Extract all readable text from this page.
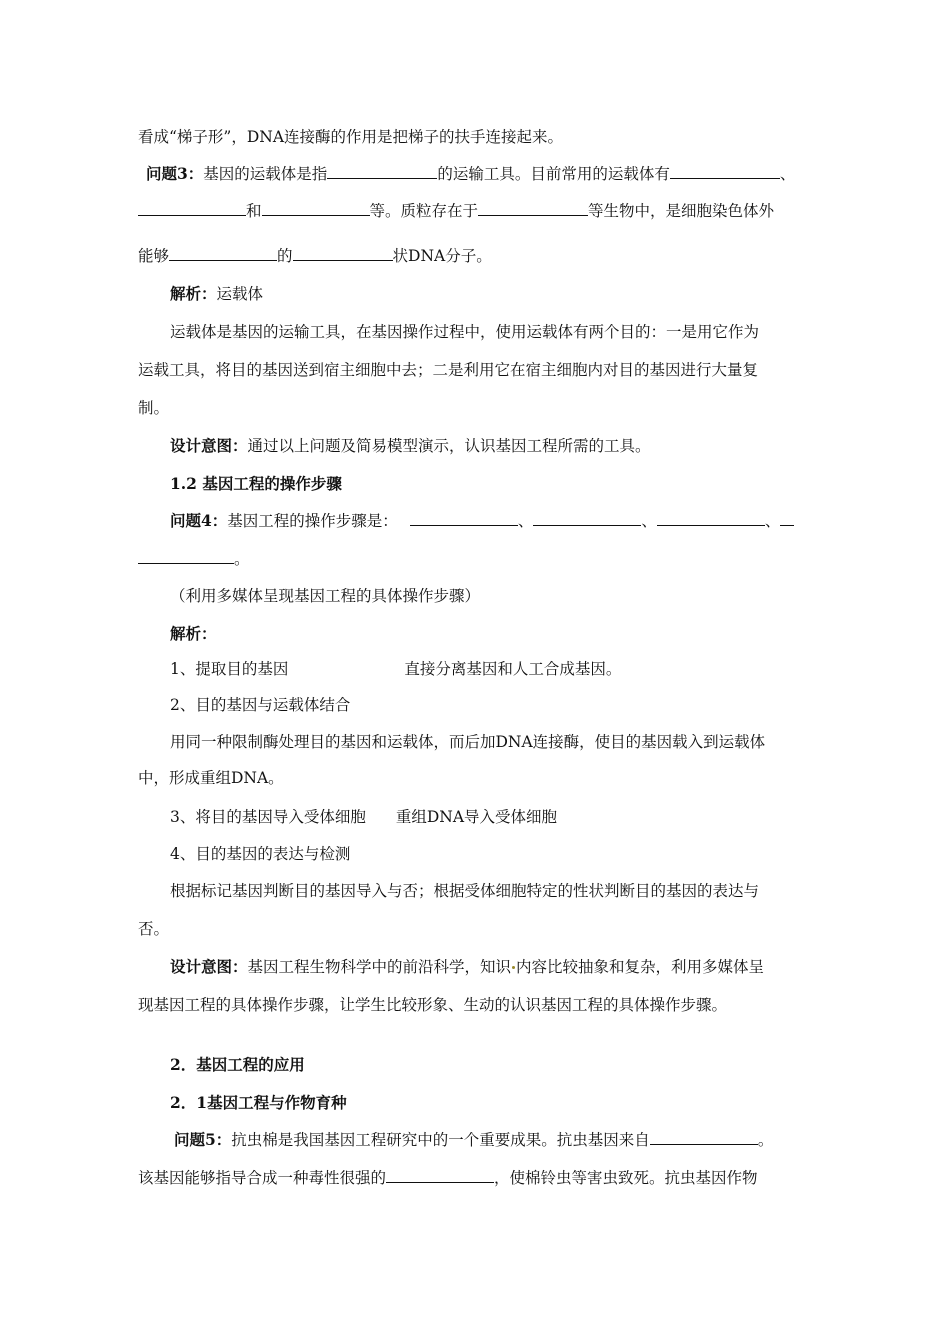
看成“梯子形”，DNA连接酶的作用是把梯子的扶手连接起来。
问题3：基因的运载体是指	的运输工具。目前常用的运载体有	、
和	等。质粒存在于	等生物中，是细胞染色体外
能够	的	状DNA分子。
解析：运载体
运载体是基因的运输工具，在基因操作过程中，使用运载体有两个目的：一是用它作为
运载工具，将目的基因送到宿主细胞中去；二是利用它在宿主细胞内对目的基因进行大量复
制。
设计意图：通过以上问题及简易模型演示，认识基因工程所需的工具。
1.2 基因工程的操作步骤
问题4：基因工程的操作步骤是：	、	、	、
。
（利用多媒体呈现基因工程的具体操作步骤）
解析：
1、提取目的基因	直接分离基因和人工合成基因。
2、目的基因与运载体结合
用同一种限制酶处理目的基因和运载体，而后加DNA连接酶，使目的基因载入到运载体
中，形成重组DNA。
3、将目的基因导入受体细胞 重组DNA导入受体细胞
4、目的基因的表达与检测
根据标记基因判断目的基因导入与否；根据受体细胞特定的性状判断目的基因的表达与
否。
设计意图：基因工程生物科学中的前沿科学，知识 内容比较抽象和复杂，利用多媒体呈
现基因工程的具体操作步骤，让学生比较形象、生动的认识基因工程的具体操作步骤。
2．基因工程的应用
2．1基因工程与作物育种
问题5：抗虫棉是我国基因工程研究中的一个重要成果。抗虫基因来自	。
该基因能够指导合成一种毒性很强的	，使棉铃虫等害虫致死。抗虫基因作物
